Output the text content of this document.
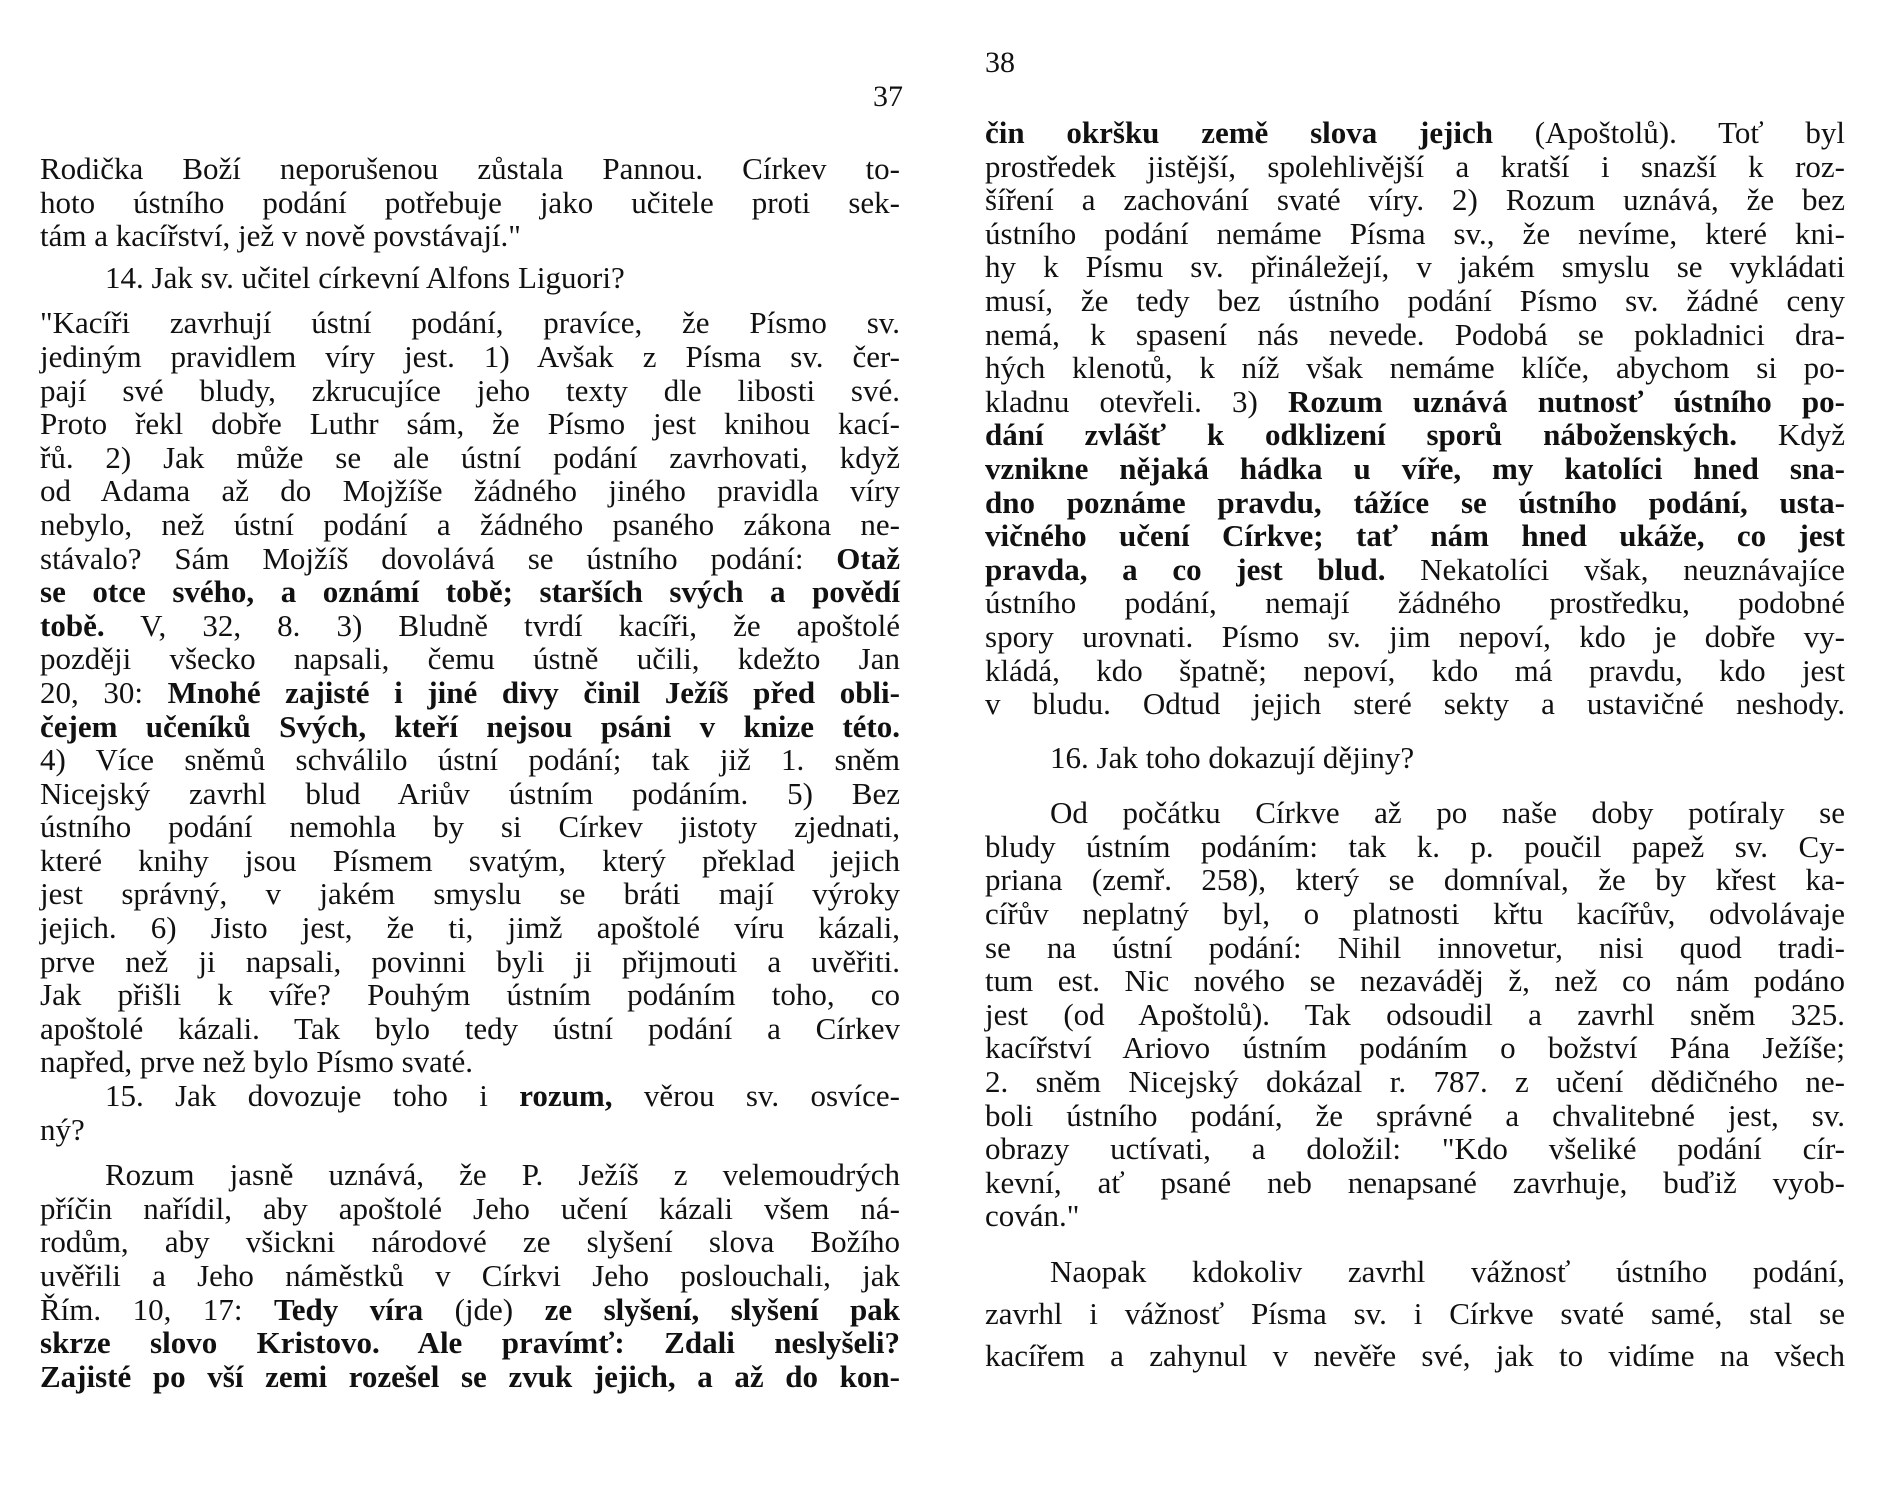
37
Rodička Boží neporušenou zůstala Pannou. Církev to-
hoto ústního podání potřebuje jako učitele proti sek-
tám a kacířství, jež v nově povstávají."
14. Jak sv. učitel církevní Alfons Liguori?
"Kacíři zavrhují ústní podání, pravíce, že Písmo sv.
jediným pravidlem víry jest. 1) Avšak z Písma sv. čer-
pají své bludy, zkrucujíce jeho texty dle libosti své.
Proto řekl dobře Luthr sám, že Písmo jest knihou kací-
řů. 2) Jak může se ale ústní podání zavrhovati, když
od Adama až do Mojžíše žádného jiného pravidla víry
nebylo, než ústní podání a žádného psaného zákona ne-
stávalo? Sám Mojžíš dovolává se ústního podání: Otaž
se otce svého, a oznámí tobě; starších svých a povědí
tobě. V, 32, 8. 3) Bludně tvrdí kacíři, že apoštolé
později všecko napsali, čemu ústně učili, kdežto Jan
20, 30: Mnohé zajisté i jiné divy činil Ježíš před obli-
čejem učeníků Svých, kteří nejsou psáni v knize této.
4) Více sněmů schválilo ústní podání; tak již 1. sněm
Nicejský zavrhl blud Ariův ústním podáním. 5) Bez
ústního podání nemohla by si Církev jistoty zjednati,
které knihy jsou Písmem svatým, který překlad jejich
jest správný, v jakém smyslu se bráti mají výroky
jejich. 6) Jisto jest, že ti, jimž apoštolé víru kázali,
prve než ji napsali, povinni byli ji přijmouti a uvěřiti.
Jak přišli k víře? Pouhým ústním podáním toho, co
apoštolé kázali. Tak bylo tedy ústní podání a Církev
napřed, prve než bylo Písmo svaté.
15. Jak dovozuje toho i rozum, věrou sv. osvíce-
ný?
Rozum jasně uznává, že P. Ježíš z velemoudrých
příčin nařídil, aby apoštolé Jeho učení kázali všem ná-
rodům, aby všickni národové ze slyšení slova Božího
uvěřili a Jeho náměstků v Církvi Jeho poslouchali, jak
Řím. 10, 17: Tedy víra (jde) ze slyšení, slyšení pak
skrze slovo Kristovo. Ale pravímť: Zdali neslyšeli?
Zajisté po vší zemi rozešel se zvuk jejich, a až do kon-
38
čin okršku země slova jejich (Apoštolů). Toť byl
prostředek jistější, spolehlivější a kratší i snazší k roz-
šíření a zachování svaté víry. 2) Rozum uznává, že bez
ústního podání nemáme Písma sv., že nevíme, které kni-
hy k Písmu sv. přináležejí, v jakém smyslu se vykládati
musí, že tedy bez ústního podání Písmo sv. žádné ceny
nemá, k spasení nás nevede. Podobá se pokladnici dra-
hých klenotů, k níž však nemáme klíče, abychom si po-
kladnu otevřeli. 3) Rozum uznává nutnosť ústního po-
dání zvlášť k odklizení sporů náboženských. Když
vznikne nějaká hádka u víře, my katolíci hned sna-
dno poznáme pravdu, tážíce se ústního podání, usta-
vičného učení Církve; tať nám hned ukáže, co jest
pravda, a co jest blud. Nekatolíci však, neuznávajíce
ústního podání, nemají žádného prostředku, podobné
spory urovnati. Písmo sv. jim nepoví, kdo je dobře vy-
kládá, kdo špatně; nepoví, kdo má pravdu, kdo jest
v bludu. Odtud jejich steré sekty a ustavičné neshody.
16. Jak toho dokazují dějiny?
Od počátku Církve až po naše doby potíraly se
bludy ústním podáním: tak k. p. poučil papež sv. Cy-
priana (zemř. 258), který se domníval, že by křest ka-
cířův neplatný byl, o platnosti křtu kacířův, odvolávaje
se na ústní podání: Nihil innovetur, nisi quod tradi-
tum est. Nic nového se nezaváděj ž, než co nám podáno
jest (od Apoštolů). Tak odsoudil a zavrhl sněm 325.
kacířství Ariovo ústním podáním o božství Pána Ježíše;
2. sněm Nicejský dokázal r. 787. z učení dědičného ne-
boli ústního podání, že správné a chvalitebné jest, sv.
obrazy uctívati, a doložil: "Kdo všeliké podání cír-
kevní, ať psané neb nenapsané zavrhuje, buďiž vyob-
cován."
Naopak kdokoliv zavrhl vážnosť ústního podání,
zavrhl i vážnosť Písma sv. i Církve svaté samé, stal se
kacířem a zahynul v nevěře své, jak to vidíme na všech
